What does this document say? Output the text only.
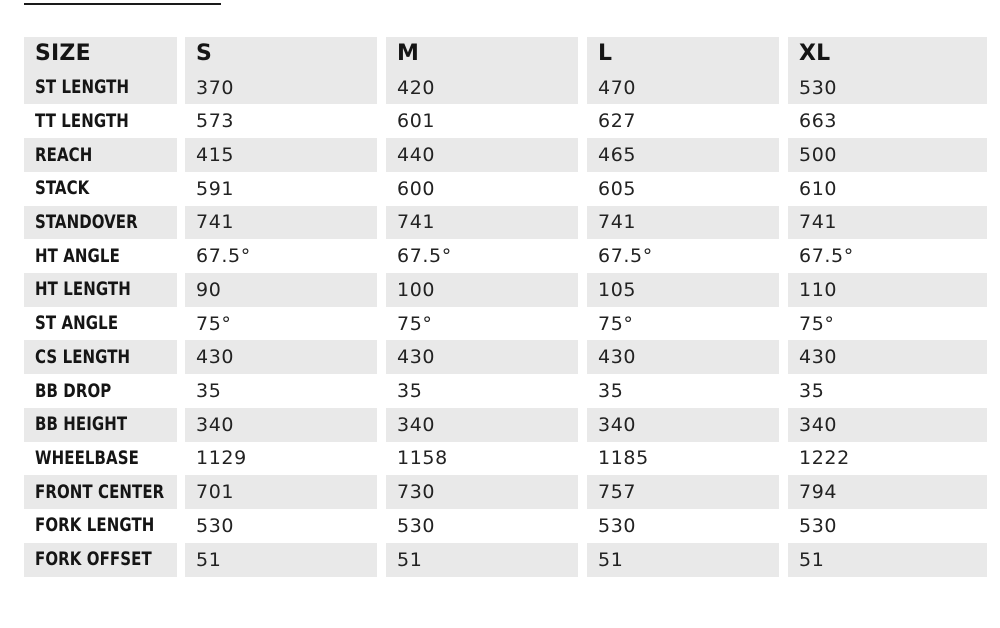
SIZE	S	M	L	XL
ST LENGTH	370	420	470	530
TT LENGTH	573	601	627	663
REACH	415	440	465	500
STACK	591	600	605	610
STANDOVER	741	741	741	741
HT ANGLE	67.5°	67.5°	67.5°	67.5°
HT LENGTH	90	100	105	110
ST ANGLE	75°	75°	75°	75°
CS LENGTH	430	430	430	430
BB DROP	35	35	35	35
BB HEIGHT	340	340	340	340
WHEELBASE	1129	1158	1185	1222
FRONT CENTER	701	730	757	794
FORK LENGTH	530	530	530	530
FORK OFFSET	51	51	51	51
